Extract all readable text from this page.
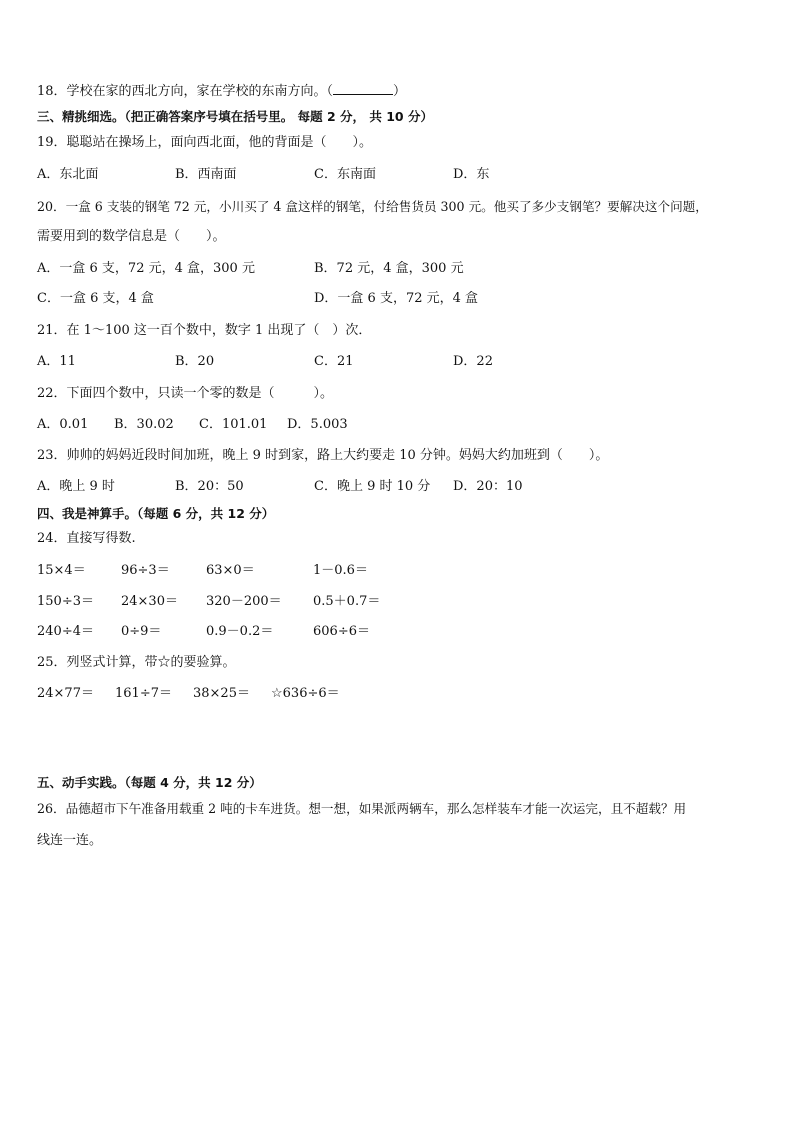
18．学校在家的西北方向，家在学校的东南方向。（	）
三、精挑细选。（把正确答案序号填在括号里。 每题 2 分， 共 10 分）
19．聪聪站在操场上，面向西北面，他的背面是（　　）。
A．东北面	B．西南面	C．东南面	D．东
20．一盒 6 支装的钢笔 72 元，小川买了 4 盒这样的钢笔，付给售货员 300 元。他买了多少支钢笔？要解决这个问题，
需要用到的数学信息是（　　）。
A．一盒 6 支，72 元，4 盒，300 元	B．72 元，4 盒，300 元
C．一盒 6 支，4 盒	D．一盒 6 支，72 元，4 盒
21．在 1～100 这一百个数中，数字 1 出现了（　）次．
A．11	B．20	C．21	D．22
22．下面四个数中，只读一个零的数是（　　　）。
A．0.01 B．30.02 C．101.01 D．5.003
23．帅帅的妈妈近段时间加班，晚上 9 时到家，路上大约要走 10 分钟。妈妈大约加班到（　　）。
A．晚上 9 时	B．20：50	C．晚上 9 时 10 分 D．20：10
四、我是神算手。（每题 6 分，共 12 分）
24．直接写得数.
15×4＝	96÷3＝	63×0＝	1－0.6＝
150÷3＝ 24×30＝ 320－200＝ 0.5＋0.7＝
240÷4＝ 0÷9＝	0.9－0.2＝	606÷6＝
25．列竖式计算，带☆的要验算。
24×77＝ 161÷7＝ 38×25＝ ☆636÷6＝
五、动手实践。（每题 4 分，共 12 分）
26．品德超市下午准备用载重 2 吨的卡车进货。想一想，如果派两辆车，那么怎样装车才能一次运完，且不超载？用
线连一连。
